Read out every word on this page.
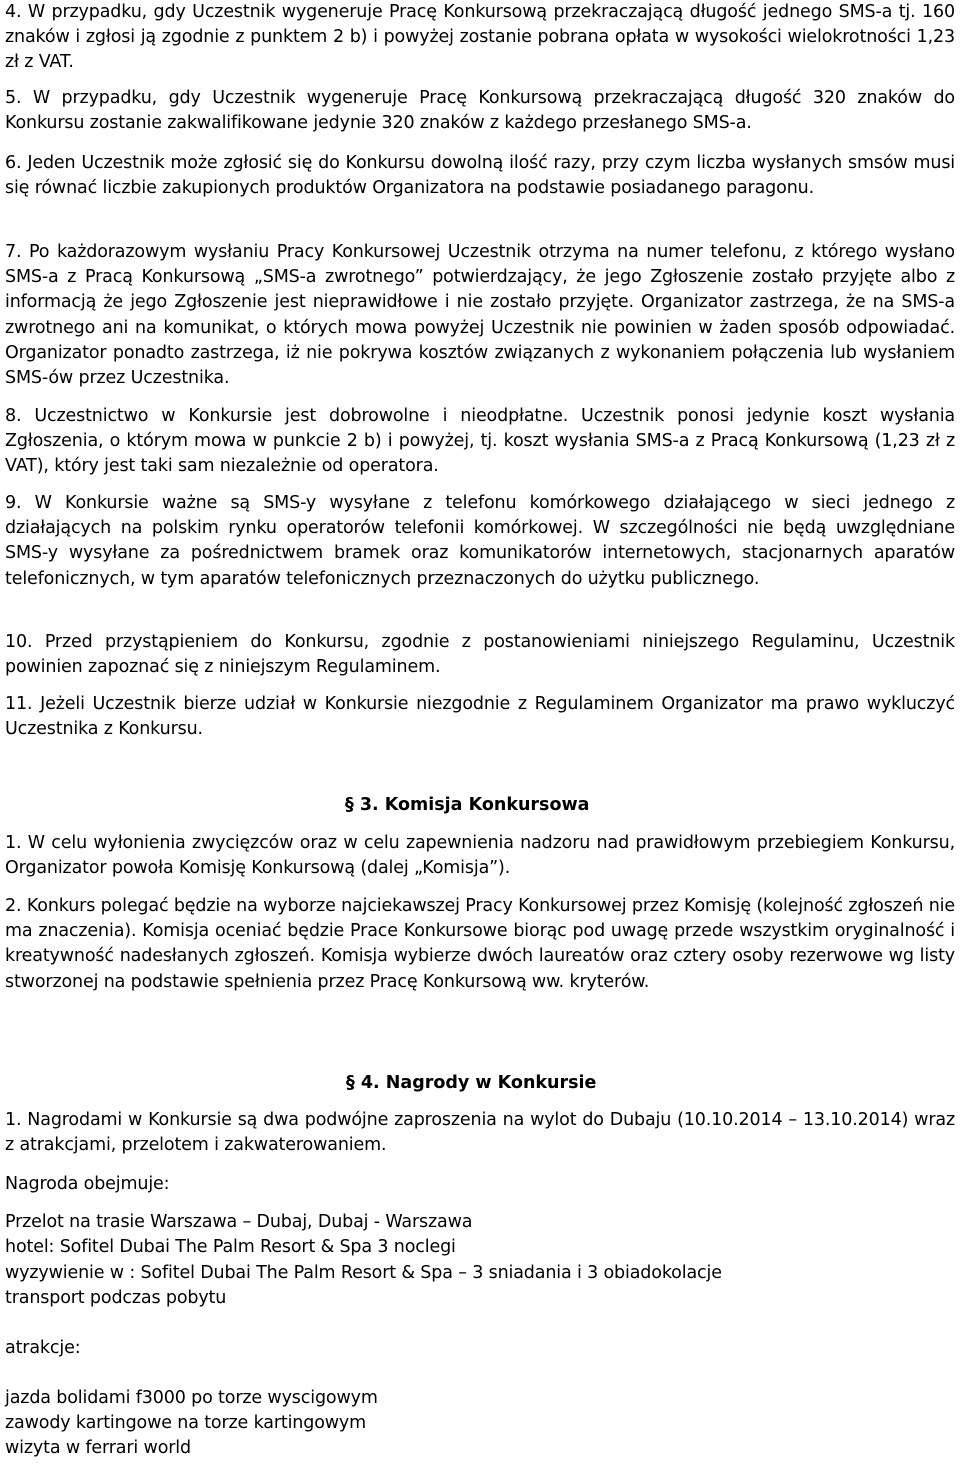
4. W przypadku, gdy Uczestnik wygeneruje Pracę Konkursową przekraczającą długość jednego SMS-a tj. 160 znaków i zgłosi ją zgodnie z punktem 2 b) i powyżej zostanie pobrana opłata w wysokości wielokrotności 1,23 zł z VAT.

5. W przypadku, gdy Uczestnik wygeneruje Pracę Konkursową przekraczającą długość 320 znaków do Konkursu zostanie zakwalifikowane jedynie 320 znaków z każdego przesłanego SMS-a.

6. Jeden Uczestnik może zgłosić się do Konkursu dowolną ilość razy, przy czym liczba wysłanych smsów musi się równać liczbie zakupionych produktów Organizatora na podstawie posiadanego paragonu.

7. Po każdorazowym wysłaniu Pracy Konkursowej Uczestnik otrzyma na numer telefonu, z którego wysłano SMS-a z Pracą Konkursową „SMS-a zwrotnego” potwierdzający, że jego Zgłoszenie zostało przyjęte albo z informacją że jego Zgłoszenie jest nieprawidłowe i nie zostało przyjęte. Organizator zastrzega, że na SMS-a zwrotnego ani na komunikat, o których mowa powyżej Uczestnik nie powinien w żaden sposób odpowiadać. Organizator ponadto zastrzega, iż nie pokrywa kosztów związanych z wykonaniem połączenia lub wysłaniem SMS-ów przez Uczestnika.

8. Uczestnictwo w Konkursie jest dobrowolne i nieodpłatne. Uczestnik ponosi jedynie koszt wysłania Zgłoszenia, o którym mowa w punkcie 2 b) i powyżej, tj. koszt wysłania SMS-a z Pracą Konkursową (1,23 zł z VAT), który jest taki sam niezależnie od operatora.

9. W Konkursie ważne są SMS-y wysyłane z telefonu komórkowego działającego w sieci jednego z działających na polskim rynku operatorów telefonii komórkowej. W szczególności nie będą uwzględniane SMS-y wysyłane za pośrednictwem bramek oraz komunikatorów internetowych, stacjonarnych aparatów telefonicznych, w tym aparatów telefonicznych przeznaczonych do użytku publicznego.

10. Przed przystąpieniem do Konkursu, zgodnie z postanowieniami niniejszego Regulaminu, Uczestnik powinien zapoznać się z niniejszym Regulaminem.

11. Jeżeli Uczestnik bierze udział w Konkursie niezgodnie z Regulaminem Organizator ma prawo wykluczyć Uczestnika z Konkursu.

§ 3. Komisja Konkursowa

1. W celu wyłonienia zwycięzców oraz w celu zapewnienia nadzoru nad prawidłowym przebiegiem Konkursu, Organizator powoła Komisję Konkursową (dalej „Komisja”).

2. Konkurs polegać będzie na wyborze najciekawszej Pracy Konkursowej przez Komisję (kolejność zgłoszeń nie ma znaczenia). Komisja oceniać będzie Prace Konkursowe biorąc pod uwagę przede wszystkim oryginalność i kreatywność nadesłanych zgłoszeń. Komisja wybierze dwóch laureatów oraz cztery osoby rezerwowe wg listy stworzonej na podstawie spełnienia przez Pracę Konkursową ww. kryterów.

§ 4. Nagrody w Konkursie

1. Nagrodami w Konkursie są dwa podwójne zaproszenia na wylot do Dubaju (10.10.2014 – 13.10.2014) wraz z atrakcjami, przelotem i zakwaterowaniem.

Nagroda obejmuje:
Przelot na trasie Warszawa – Dubaj, Dubaj - Warszawa
hotel: Sofitel Dubai The Palm Resort & Spa 3 noclegi
wyzywienie w : Sofitel Dubai The Palm Resort & Spa – 3 sniadania i 3 obiadokolacje
transport podczas pobytu
atrakcje:
jazda bolidami f3000 po torze wyscigowym
zawody kartingowe na torze kartingowym
wizyta w ferrari world
